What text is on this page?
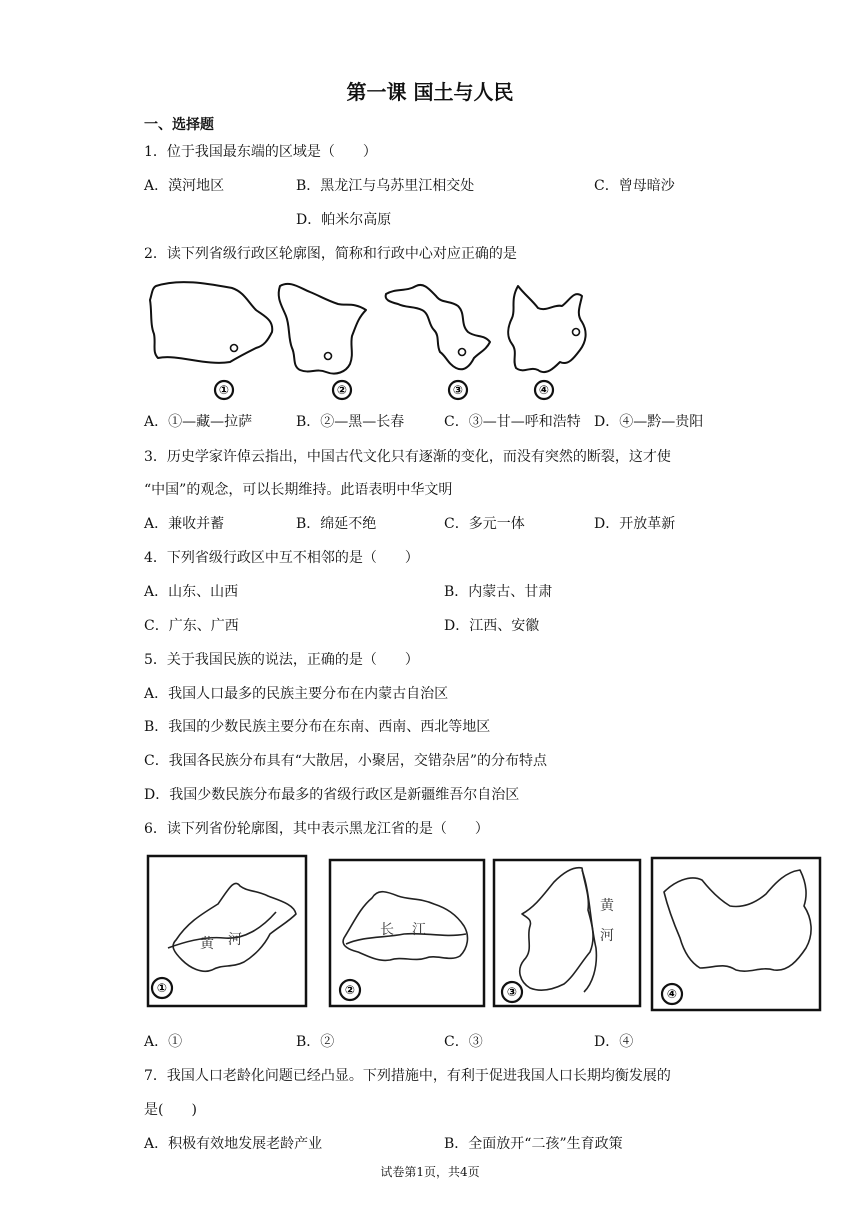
第一课 国土与人民
一、选择题
1．位于我国最东端的区域是（　　）
A．漠河地区	B．黑龙江与乌苏里江相交处	C．曾母暗沙
D．帕米尔高原
2．读下列省级行政区轮廓图，简称和行政中心对应正确的是
①	②	③	④
A．①—藏—拉萨	B．②—黑—长春	C．③—甘—呼和浩特 D．④—黔—贵阳
3．历史学家许倬云指出，中国古代文化只有逐渐的变化，而没有突然的断裂，这才使
“中国”的观念，可以长期维持。此语表明中华文明
A．兼收并蓄	B．绵延不绝	C．多元一体	D．开放革新
4．下列省级行政区中互不相邻的是（　　）
A．山东、山西	B．内蒙古、甘肃
C．广东、广西	D．江西、安徽
5．关于我国民族的说法，正确的是（　　）
A．我国人口最多的民族主要分布在内蒙古自治区
B．我国的少数民族主要分布在东南、西南、西北等地区
C．我国各民族分布具有“大散居，小聚居，交错杂居”的分布特点
D．我国少数民族分布最多的省级行政区是新疆维吾尔自治区
6．读下列省份轮廓图，其中表示黑龙江省的是（　　）
黄 河
长 江
黄
河
①	②	③	④
A．①	B．②	C．③	D．④
7．我国人口老龄化问题已经凸显。下列措施中，有利于促进我国人口长期均衡发展的
是(　　)
A．积极有效地发展老龄产业	B．全面放开“二孩”生育政策
试卷第1页，共4页
